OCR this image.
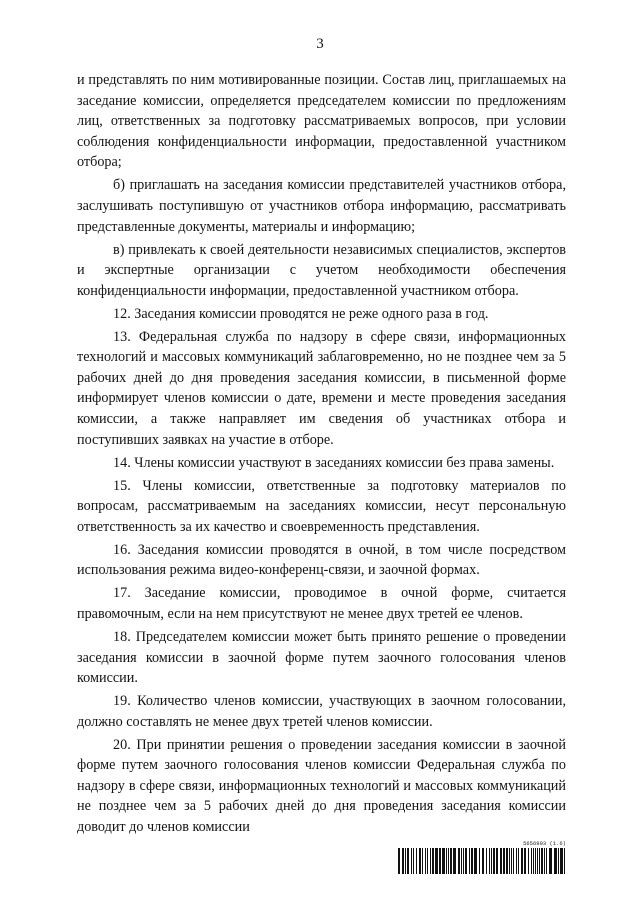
3

и представлять по ним мотивированные позиции. Состав лиц, приглашаемых на заседание комиссии, определяется председателем комиссии по предложениям лиц, ответственных за подготовку рассматриваемых вопросов, при условии соблюдения конфиденциальности информации, предоставленной участником отбора;

б) приглашать на заседания комиссии представителей участников отбора, заслушивать поступившую от участников отбора информацию, рассматривать представленные документы, материалы и информацию;

в) привлекать к своей деятельности независимых специалистов, экспертов и экспертные организации с учетом необходимости обеспечения конфиденциальности информации, предоставленной участником отбора.

12. Заседания комиссии проводятся не реже одного раза в год.

13. Федеральная служба по надзору в сфере связи, информационных технологий и массовых коммуникаций заблаговременно, но не позднее чем за 5 рабочих дней до дня проведения заседания комиссии, в письменной форме информирует членов комиссии о дате, времени и месте проведения заседания комиссии, а также направляет им сведения об участниках отбора и поступивших заявках на участие в отборе.

14. Члены комиссии участвуют в заседаниях комиссии без права замены.

15. Члены комиссии, ответственные за подготовку материалов по вопросам, рассматриваемым на заседаниях комиссии, несут персональную ответственность за их качество и своевременность представления.

16. Заседания комиссии проводятся в очной, в том числе посредством использования режима видео-конференц-связи, и заочной формах.

17. Заседание комиссии, проводимое в очной форме, считается правомочным, если на нем присутствуют не менее двух третей ее членов.

18. Председателем комиссии может быть принято решение о проведении заседания комиссии в заочной форме путем заочного голосования членов комиссии.

19. Количество членов комиссии, участвующих в заочном голосовании, должно составлять не менее двух третей членов комиссии.

20. При принятии решения о проведении заседания комиссии в заочной форме путем заочного голосования членов комиссии Федеральная служба по надзору в сфере связи, информационных технологий и массовых коммуникаций не позднее чем за 5 рабочих дней до дня проведения заседания комиссии доводит до членов комиссии

5656993 (1.6)
